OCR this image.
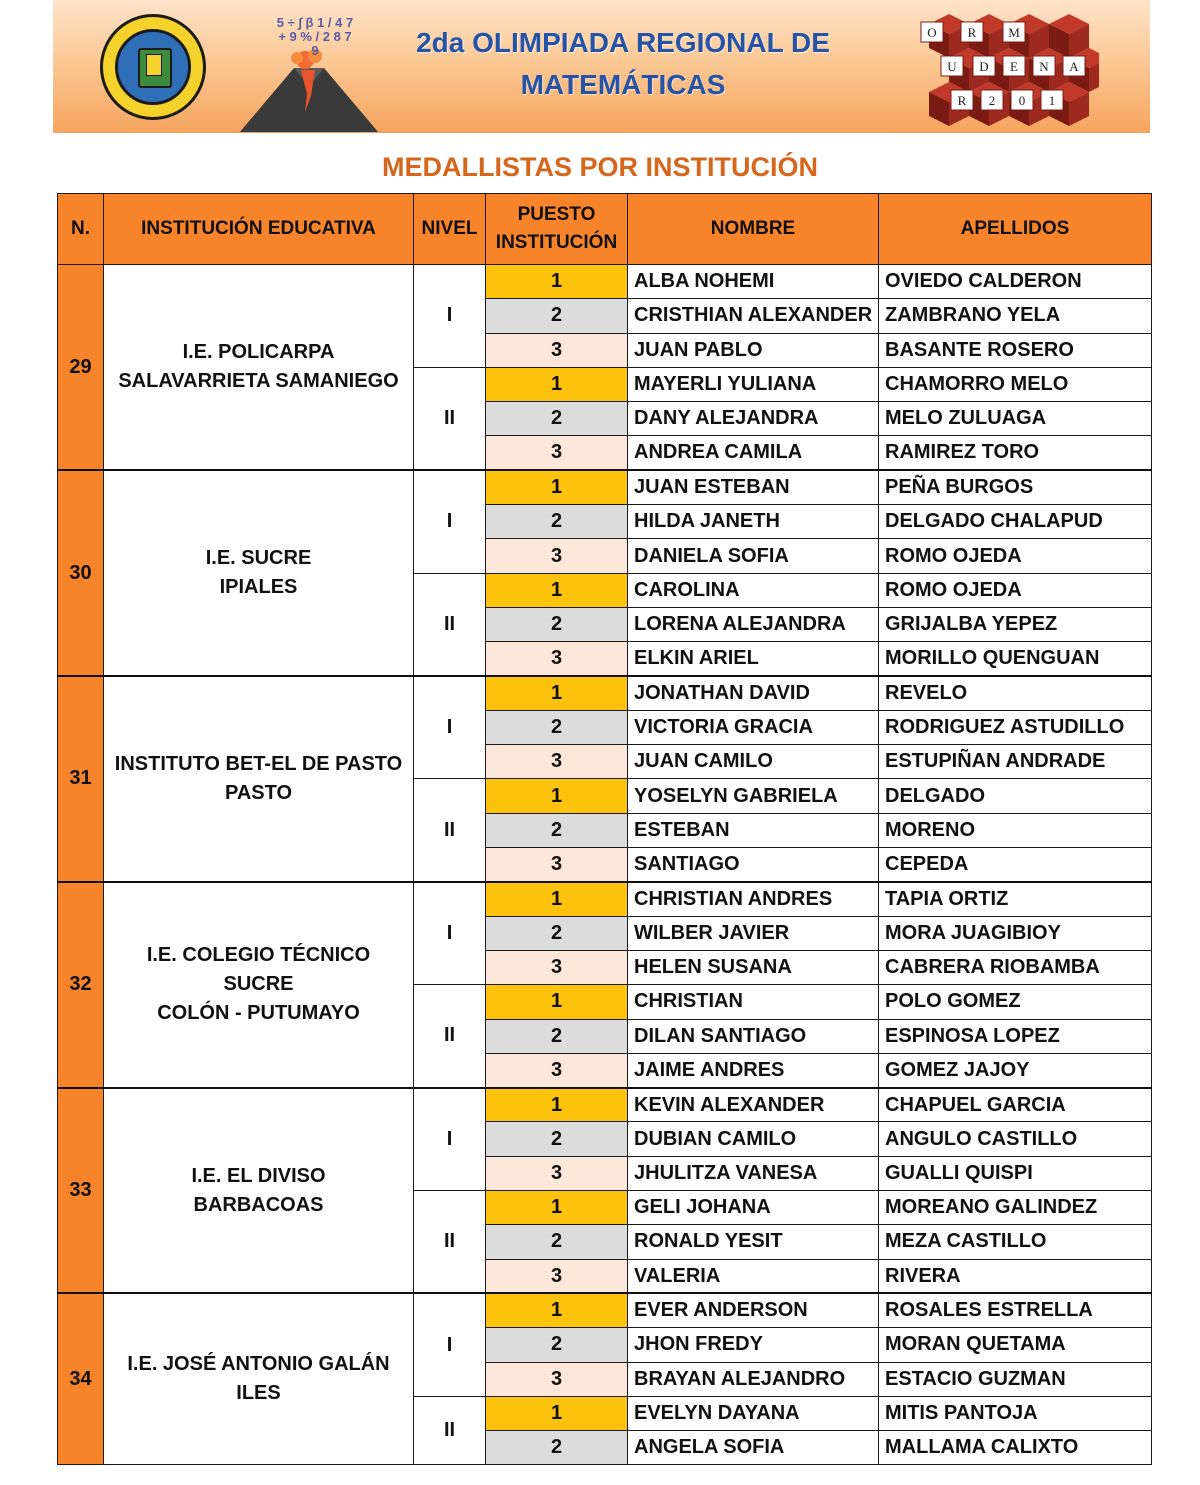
5 ÷ ∫ β 1 / 4 7 + 9 % / 2 8 7 9	2da OLIMPIADA REGIONAL DE
MATEMÁTICAS
O R M
U D E N A
R 2 0 1
MEDALLISTAS POR INSTITUCIÓN
N.	INSTITUCIÓN EDUCATIVA	NIVEL	PUESTO
INSTITUCIÓN	NOMBRE	APELLIDOS
29	I.E. POLICARPA
SALAVARRIETA SAMANIEGO	I	1	ALBA NOHEMI	OVIEDO CALDERON
			2	CRISTHIAN ALEXANDER	ZAMBRANO YELA
			3	JUAN PABLO	BASANTE ROSERO
		II	1	MAYERLI YULIANA	CHAMORRO MELO
			2	DANY ALEJANDRA	MELO ZULUAGA
			3	ANDREA CAMILA	RAMIREZ TORO
30	I.E. SUCRE
IPIALES	I	1	JUAN ESTEBAN	PEÑA BURGOS
			2	HILDA JANETH	DELGADO CHALAPUD
			3	DANIELA SOFIA	ROMO OJEDA
		II	1	CAROLINA	ROMO OJEDA
			2	LORENA ALEJANDRA	GRIJALBA YEPEZ
			3	ELKIN ARIEL	MORILLO QUENGUAN
31	INSTITUTO BET-EL DE PASTO
PASTO	I	1	JONATHAN DAVID	REVELO
			2	VICTORIA GRACIA	RODRIGUEZ ASTUDILLO
			3	JUAN CAMILO	ESTUPIÑAN ANDRADE
		II	1	YOSELYN GABRIELA	DELGADO
			2	ESTEBAN	MORENO
			3	SANTIAGO	CEPEDA
32	I.E. COLEGIO TÉCNICO SUCRE
COLÓN - PUTUMAYO	I	1	CHRISTIAN ANDRES	TAPIA ORTIZ
			2	WILBER JAVIER	MORA JUAGIBIOY
			3	HELEN SUSANA	CABRERA RIOBAMBA
		II	1	CHRISTIAN	POLO GOMEZ
			2	DILAN SANTIAGO	ESPINOSA LOPEZ
			3	JAIME ANDRES	GOMEZ JAJOY
33	I.E. EL DIVISO
BARBACOAS	I	1	KEVIN ALEXANDER	CHAPUEL GARCIA
			2	DUBIAN CAMILO	ANGULO CASTILLO
			3	JHULITZA VANESA	GUALLI QUISPI
		II	1	GELI JOHANA	MOREANO GALINDEZ
			2	RONALD YESIT	MEZA CASTILLO
			3	VALERIA	RIVERA
34	I.E. JOSÉ ANTONIO GALÁN
ILES	I	1	EVER ANDERSON	ROSALES ESTRELLA
			2	JHON FREDY	MORAN QUETAMA
			3	BRAYAN ALEJANDRO	ESTACIO GUZMAN
		II	1	EVELYN DAYANA	MITIS PANTOJA
			2	ANGELA SOFIA	MALLAMA CALIXTO
